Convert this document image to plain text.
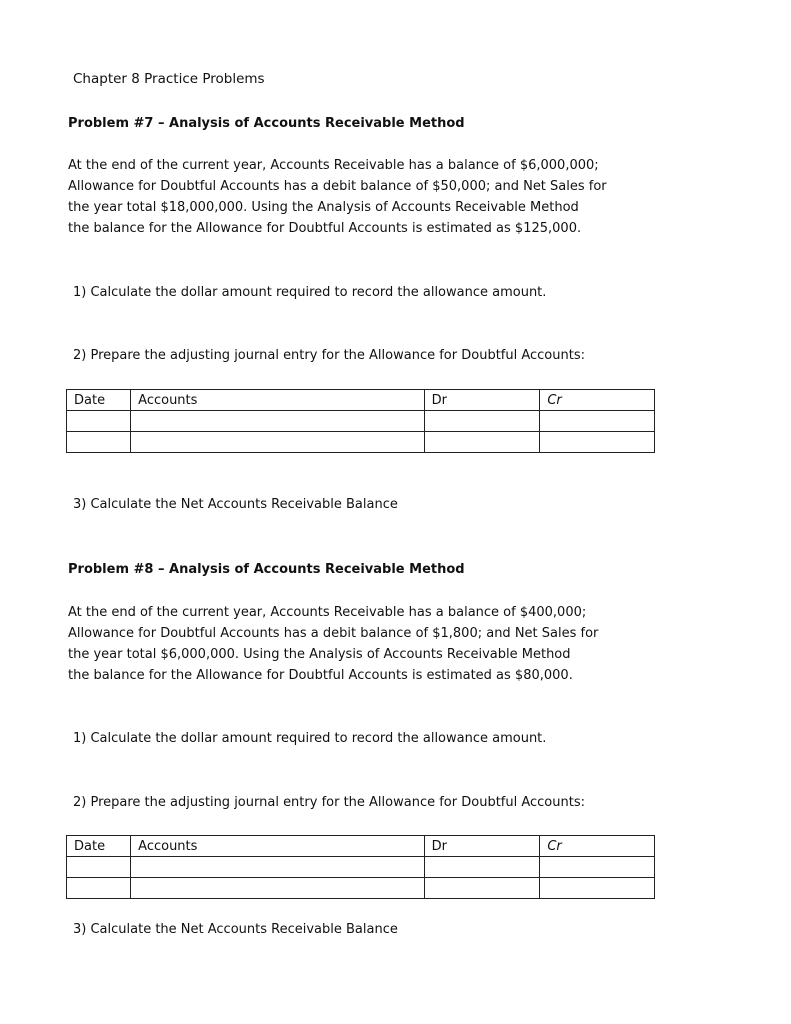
Chapter 8 Practice Problems
Problem #7 – Analysis of Accounts Receivable Method

At the end of the current year, Accounts Receivable has a balance of $6,000,000;
Allowance for Doubtful Accounts has a debit balance of $50,000; and Net Sales for
the year total $18,000,000. Using the Analysis of Accounts Receivable Method
the balance for the Allowance for Doubtful Accounts is estimated as $125,000.

1) Calculate the dollar amount required to record the allowance amount.
2) Prepare the adjusting journal entry for the Allowance for Doubtful Accounts:
Date	Accounts	Dr	Cr

3) Calculate the Net Accounts Receivable Balance
Problem #8 – Analysis of Accounts Receivable Method

At the end of the current year, Accounts Receivable has a balance of $400,000;
Allowance for Doubtful Accounts has a debit balance of $1,800; and Net Sales for
the year total $6,000,000. Using the Analysis of Accounts Receivable Method
the balance for the Allowance for Doubtful Accounts is estimated as $80,000.

1) Calculate the dollar amount required to record the allowance amount.
2) Prepare the adjusting journal entry for the Allowance for Doubtful Accounts:
Date	Accounts	Dr	Cr

3) Calculate the Net Accounts Receivable Balance
